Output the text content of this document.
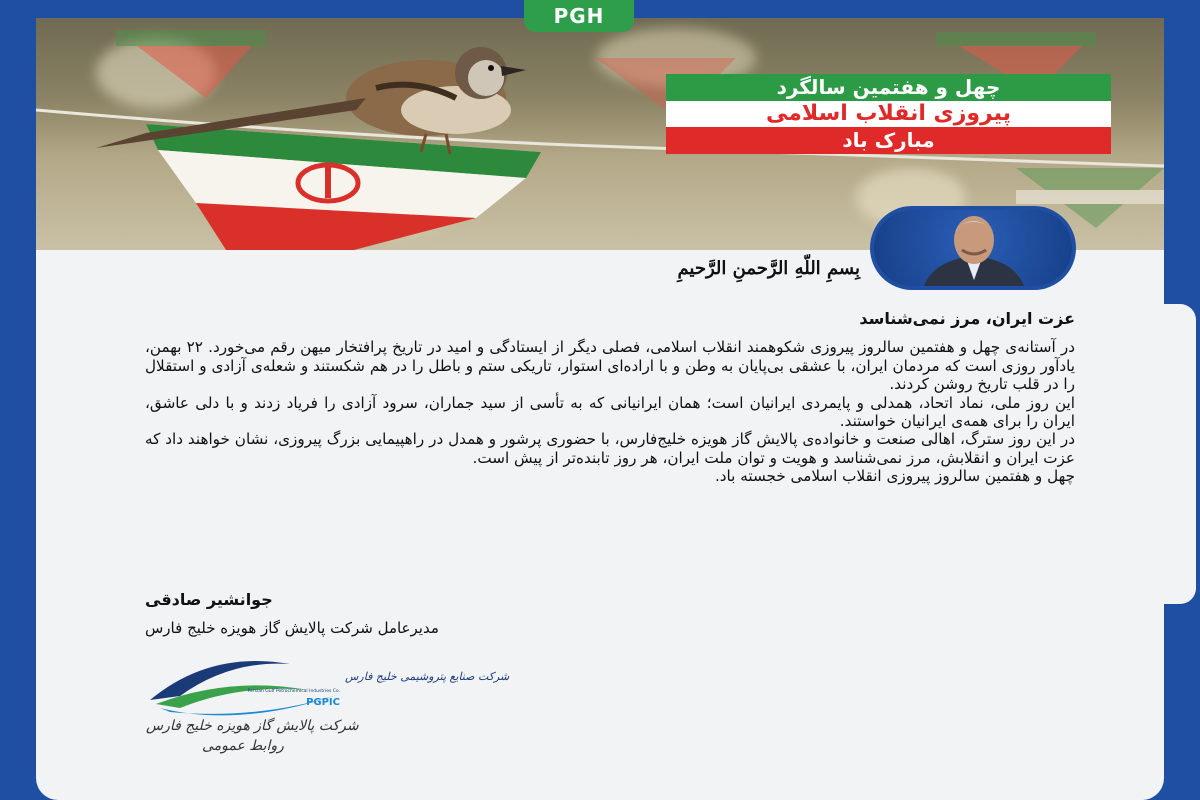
چهل و هفتمین سالگرد
پیروزی انقلاب اسلامی
مبارک باد
PGH
بِسمِ اللّهِ الرَّحمنِ الرَّحیمِ
عزت ایران، مرز نمی‌شناسد

در آستانه‌ی چهل و هفتمین سالروز پیروزی شکوهمند انقلاب اسلامی، فصلی دیگر از ایستادگی و امید در تاریخ پرافتخار میهن رقم می‌خورد. ۲۲ بهمن، یادآور روزی است که مردمان ایران، با عشقی بی‌پایان به وطن و با اراده‌ای استوار، تاریکی ستم و باطل را در هم شکستند و شعله‌ی آزادی و استقلال را در قلب تاریخ روشن کردند.

این روز ملی، نماد اتحاد، همدلی و پایمردی ایرانیان است؛ همان ایرانیانی که به تأسی از سید جماران، سرود آزادی را فریاد زدند و با دلی عاشق، ایران را برای همه‌ی ایرانیان خواستند.

در این روز سترگ، اهالی صنعت و خانواده‌ی پالایش گاز هویزه خلیج‌فارس، با حضوری پرشور و همدل در راهپیمایی بزرگ پیروزی، نشان خواهند داد که عزت ایران و انقلابش، مرز نمی‌شناسد و هویت و توان ملت ایران، هر روز تابنده‌تر از پیش است.

چهل و هفتمین سالروز پیروزی انقلاب اسلامی خجسته باد.

جوانشیر صادقی
مدیرعامل شرکت پالایش گاز هویزه خلیج فارس
شرکت صنایع پتروشیمی خلیج فارس
Persian Gulf Petrochemical Industries Co.
PGPIC
شرکت پالایش گاز هویزه خلیج فارس
روابط عمومی
